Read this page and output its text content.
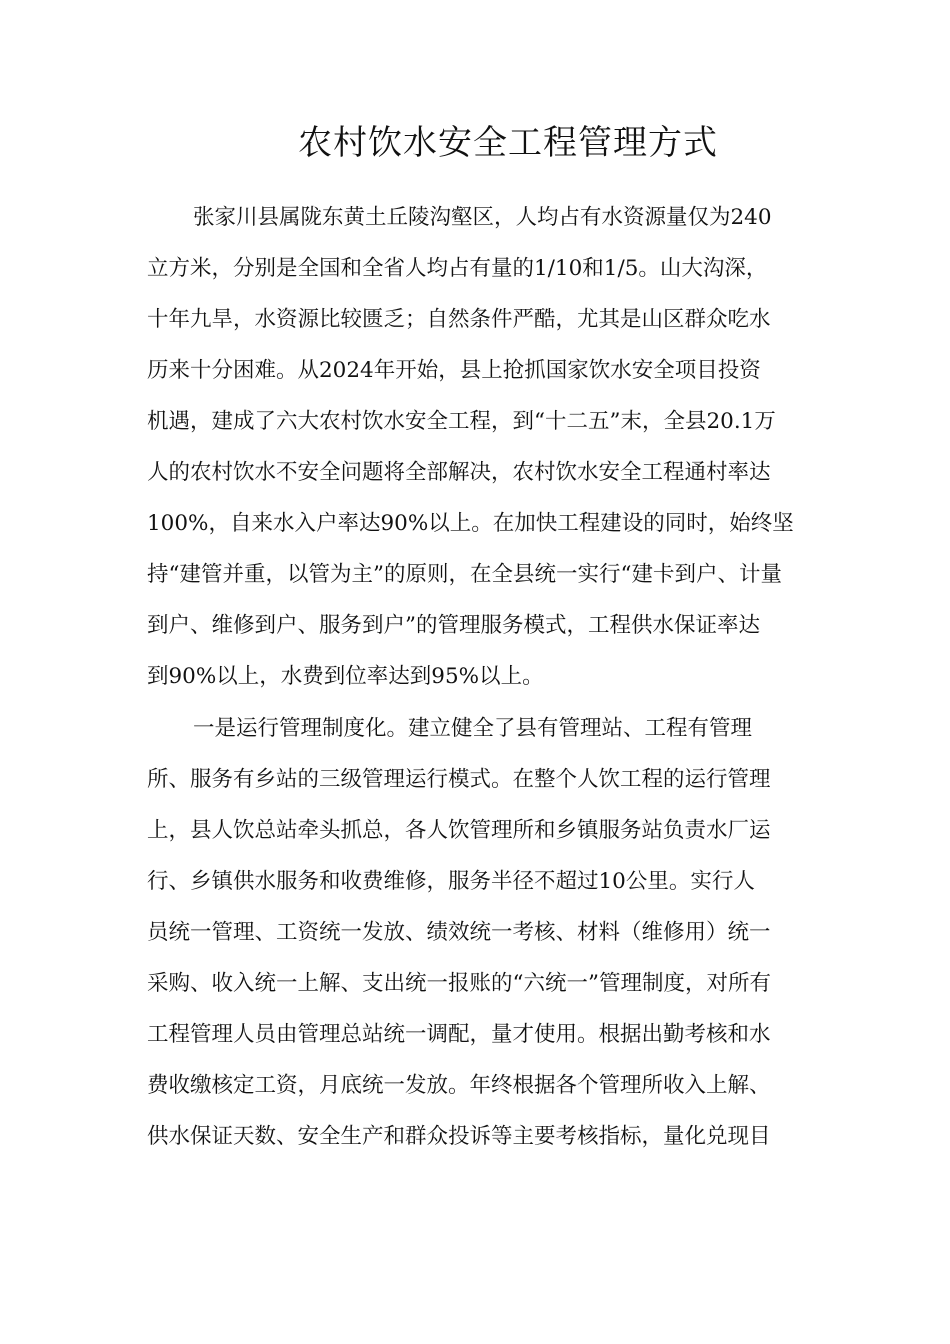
农村饮水安全工程管理方式

张家川县属陇东黄土丘陵沟壑区，人均占有水资源量仅为240

立方米，分别是全国和全省人均占有量的1/10和1/5。山大沟深，

十年九旱，水资源比较匮乏；自然条件严酷，尤其是山区群众吃水

历来十分困难。从2024年开始，县上抢抓国家饮水安全项目投资

机遇，建成了六大农村饮水安全工程，到“十二五”末，全县20.1万

人的农村饮水不安全问题将全部解决，农村饮水安全工程通村率达

100%，自来水入户率达90%以上。在加快工程建设的同时，始终坚

持“建管并重，以管为主”的原则，在全县统一实行“建卡到户、计量

到户、维修到户、服务到户”的管理服务模式，工程供水保证率达

到90%以上，水费到位率达到95%以上。

一是运行管理制度化。建立健全了县有管理站、工程有管理

所、服务有乡站的三级管理运行模式。在整个人饮工程的运行管理

上，县人饮总站牵头抓总，各人饮管理所和乡镇服务站负责水厂运

行、乡镇供水服务和收费维修，服务半径不超过10公里。实行人

员统一管理、工资统一发放、绩效统一考核、材料（维修用）统一

采购、收入统一上解、支出统一报账的“六统一”管理制度，对所有

工程管理人员由管理总站统一调配，量才使用。根据出勤考核和水

费收缴核定工资，月底统一发放。年终根据各个管理所收入上解、

供水保证天数、安全生产和群众投诉等主要考核指标，量化兑现目
